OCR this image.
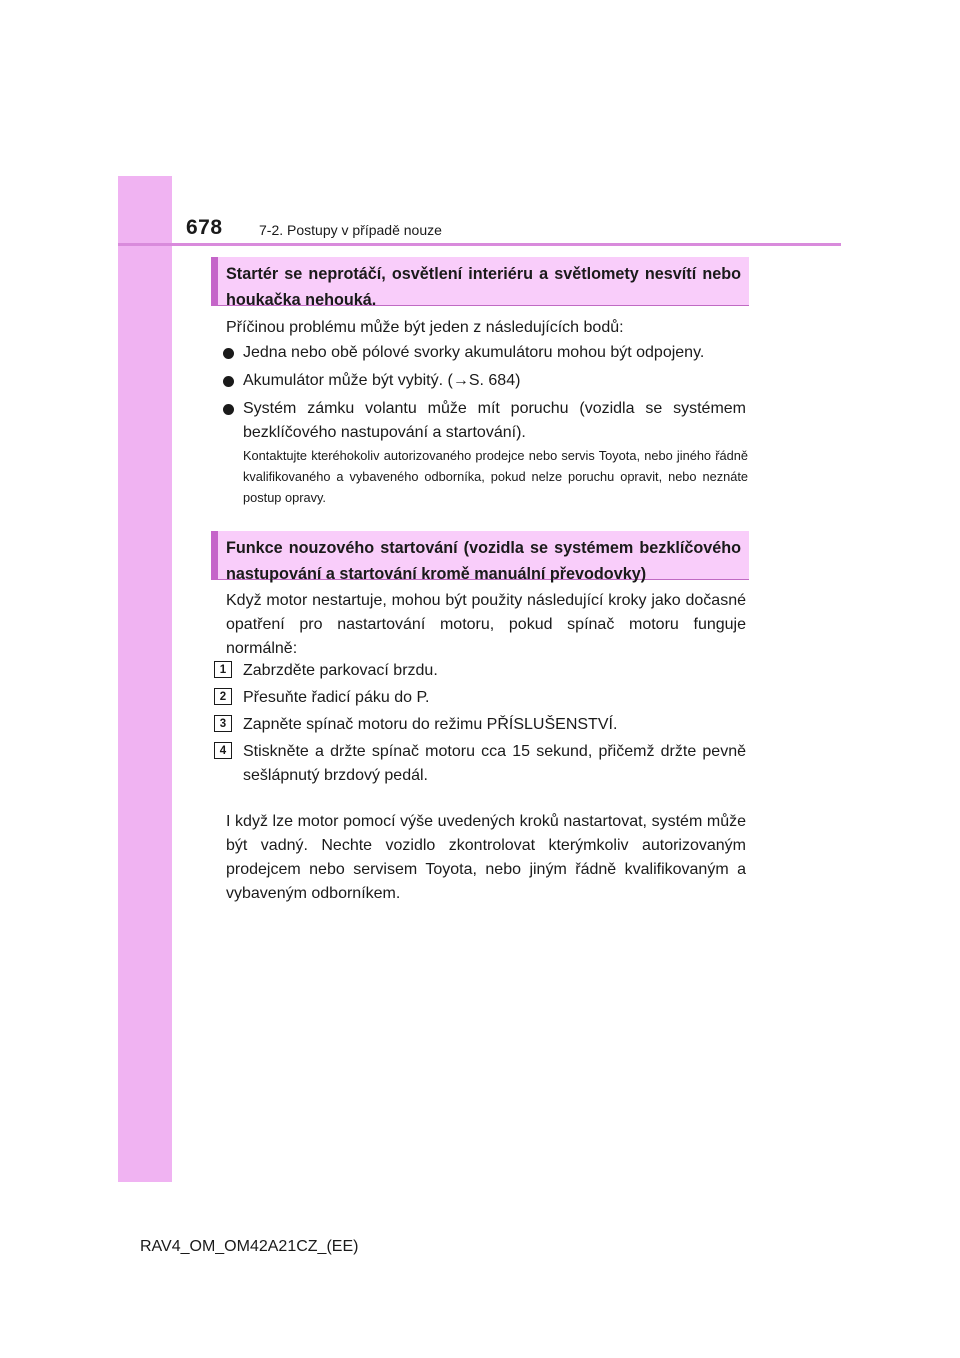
678	7-2. Postupy v případě nouze
Startér se neprotáčí, osvětlení interiéru a světlomety nesvítí nebo houkačka nehouká.
Příčinou problému může být jeden z následujících bodů:
Jedna nebo obě pólové svorky akumulátoru mohou být odpojeny.
Akumulátor může být vybitý. (→S. 684)
Systém zámku volantu může mít poruchu (vozidla se systémem bezklíčového nastupování a startování).
Kontaktujte kteréhokoliv autorizovaného prodejce nebo servis Toyota, nebo jiného řádně kvalifikovaného a vybaveného odborníka, pokud nelze poruchu opravit, nebo neznáte postup opravy.
Funkce nouzového startování (vozidla se systémem bezklíčového nastupování a startování kromě manuální převodovky)
Když motor nestartuje, mohou být použity následující kroky jako dočasné opatření pro nastartování motoru, pokud spínač motoru funguje normálně:
1	Zabrzděte parkovací brzdu.
2	Přesuňte řadicí páku do P.
3	Zapněte spínač motoru do režimu PŘÍSLUŠENSTVÍ.
4	Stiskněte a držte spínač motoru cca 15 sekund, přičemž držte pevně sešlápnutý brzdový pedál.
I když lze motor pomocí výše uvedených kroků nastartovat, systém může být vadný. Nechte vozidlo zkontrolovat kterýmkoliv autorizovaným prodejcem nebo servisem Toyota, nebo jiným řádně kvalifikovaným a vybaveným odborníkem.
RAV4_OM_OM42A21CZ_(EE)
